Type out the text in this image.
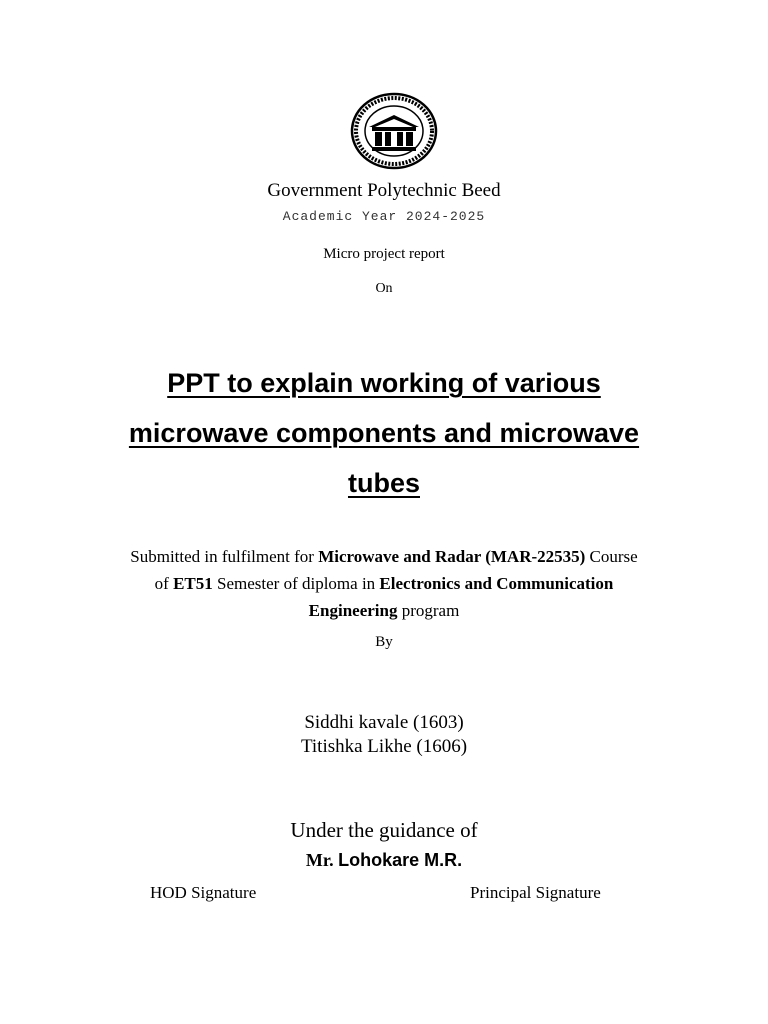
Government Polytechnic Beed
Academic Year 2024-2025
Micro project report
On
PPT to explain working of various
microwave components and microwave
tubes
Submitted in fulfilment for Microwave and Radar (MAR-22535) Course
of ET51 Semester of diploma in Electronics and Communication
Engineering program
By
Siddhi kavale (1603)
Titishka Likhe (1606)
Under the guidance of
Mr. Lohokare M.R.
HOD Signature	Principal Signature
